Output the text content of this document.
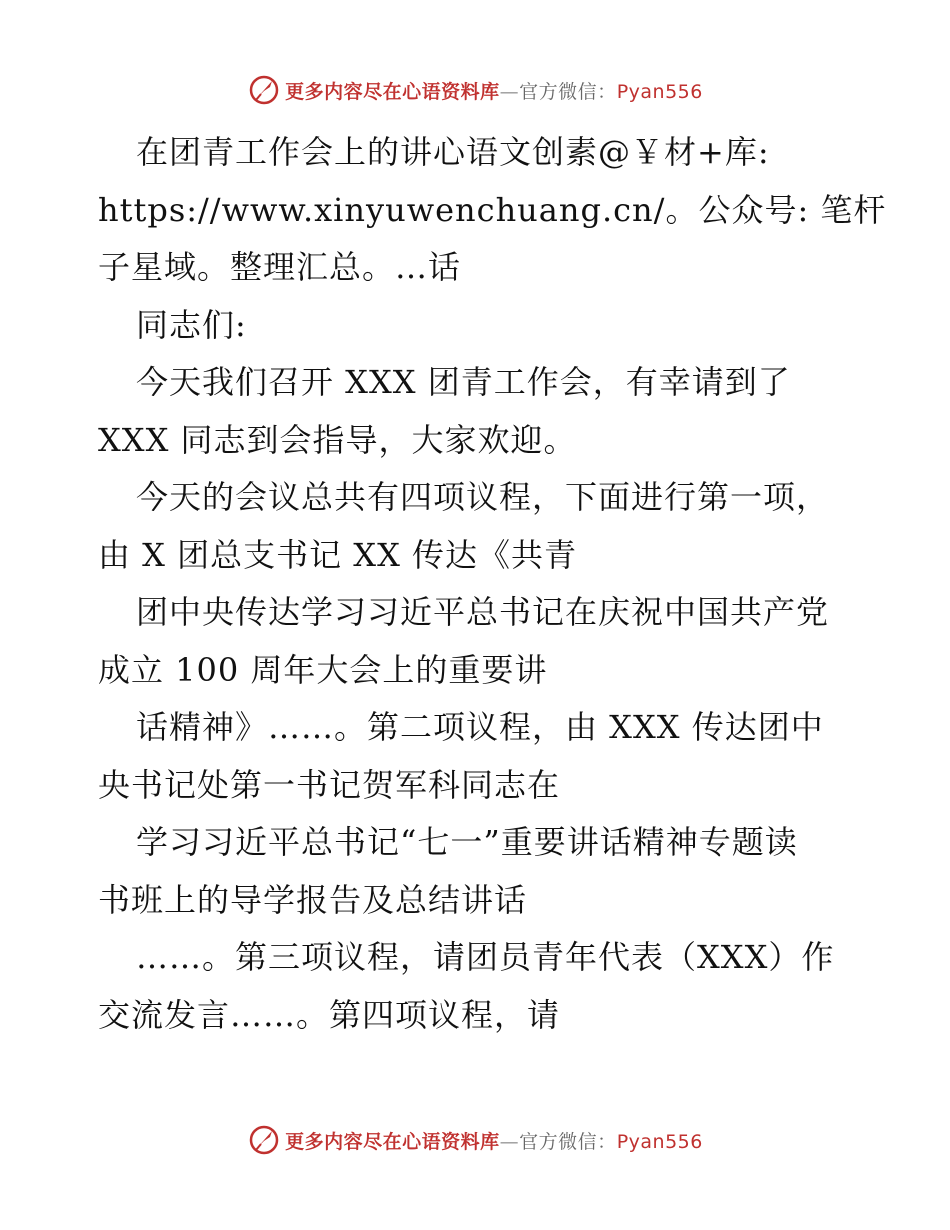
更多内容尽在心语资料库—官方微信：Pyan556
在团青工作会上的讲心语文创素@￥材+库:
https://www.xinyuwenchuang.cn/。公众号: 笔杆
子星域。整理汇总。…话
同志们:
今天我们召开 XXX 团青工作会，有幸请到了
XXX 同志到会指导，大家欢迎。
今天的会议总共有四项议程，下面进行第一项，
由 X 团总支书记 XX 传达《共青
团中央传达学习习近平总书记在庆祝中国共产党
成立 100 周年大会上的重要讲
话精神》……。第二项议程，由 XXX 传达团中
央书记处第一书记贺军科同志在
学习习近平总书记“七一”重要讲话精神专题读
书班上的导学报告及总结讲话
……。第三项议程，请团员青年代表（XXX）作
交流发言……。第四项议程，请
更多内容尽在心语资料库—官方微信：Pyan556
